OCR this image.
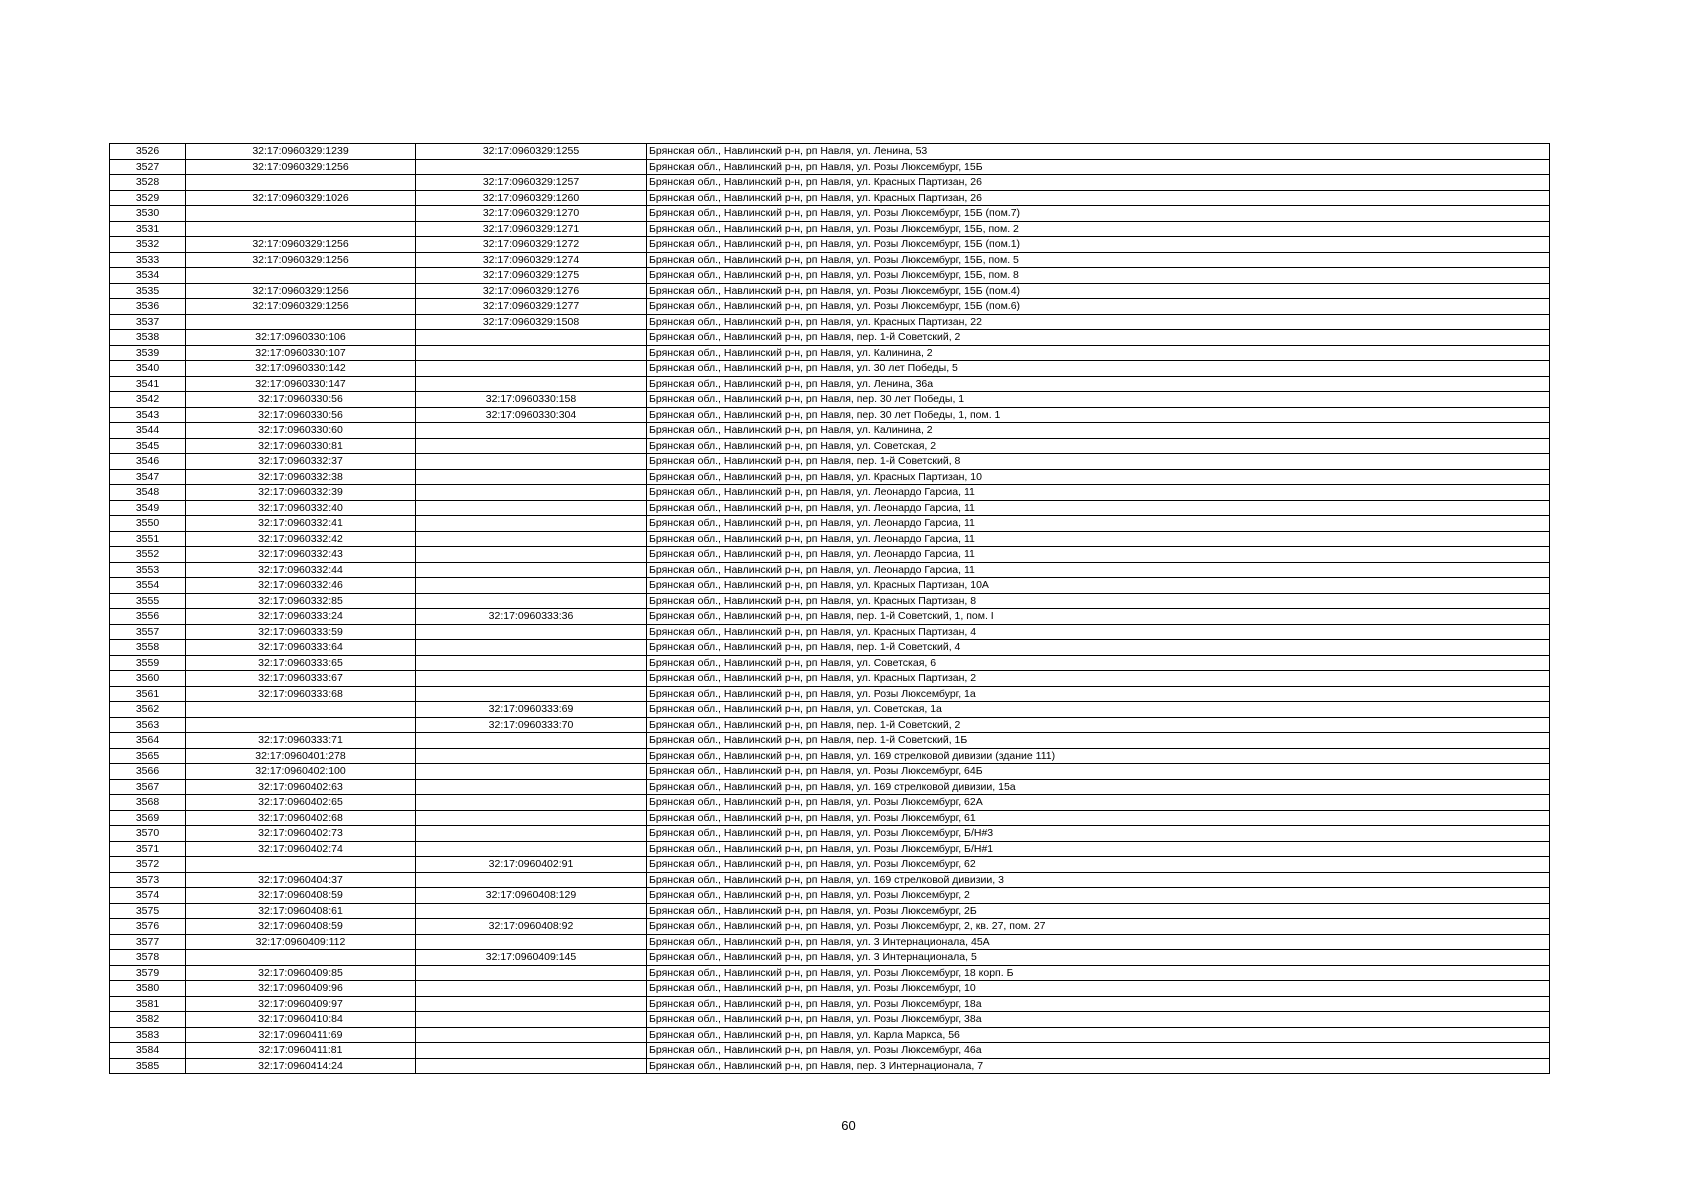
3526	32:17:0960329:1239	32:17:0960329:1255	Брянская обл., Навлинский р-н, рп Навля, ул. Ленина, 53
3527	32:17:0960329:1256		Брянская обл., Навлинский р-н, рп Навля, ул. Розы Люксембург, 15Б
3528		32:17:0960329:1257	Брянская обл., Навлинский р-н, рп Навля, ул. Красных Партизан, 26
3529	32:17:0960329:1026	32:17:0960329:1260	Брянская обл., Навлинский р-н, рп Навля, ул. Красных Партизан, 26
3530		32:17:0960329:1270	Брянская обл., Навлинский р-н, рп Навля, ул. Розы Люксембург, 15Б (пом.7)
3531		32:17:0960329:1271	Брянская обл., Навлинский р-н, рп Навля, ул. Розы Люксембург, 15Б, пом. 2
3532	32:17:0960329:1256	32:17:0960329:1272	Брянская обл., Навлинский р-н, рп Навля, ул. Розы Люксембург, 15Б (пом.1)
3533	32:17:0960329:1256	32:17:0960329:1274	Брянская обл., Навлинский р-н, рп Навля, ул. Розы Люксембург, 15Б, пом. 5
3534		32:17:0960329:1275	Брянская обл., Навлинский р-н, рп Навля, ул. Розы Люксембург, 15Б, пом. 8
3535	32:17:0960329:1256	32:17:0960329:1276	Брянская обл., Навлинский р-н, рп Навля, ул. Розы Люксембург, 15Б (пом.4)
3536	32:17:0960329:1256	32:17:0960329:1277	Брянская обл., Навлинский р-н, рп Навля, ул. Розы Люксембург, 15Б (пом.6)
3537		32:17:0960329:1508	Брянская обл., Навлинский р-н, рп Навля, ул. Красных Партизан, 22
3538	32:17:0960330:106		Брянская обл., Навлинский р-н, рп Навля, пер. 1-й Советский, 2
3539	32:17:0960330:107		Брянская обл., Навлинский р-н, рп Навля, ул. Калинина, 2
3540	32:17:0960330:142		Брянская обл., Навлинский р-н, рп Навля, ул. 30 лет Победы, 5
3541	32:17:0960330:147		Брянская обл., Навлинский р-н, рп Навля, ул. Ленина, 36а
3542	32:17:0960330:56	32:17:0960330:158	Брянская обл., Навлинский р-н, рп Навля, пер. 30 лет Победы, 1
3543	32:17:0960330:56	32:17:0960330:304	Брянская обл., Навлинский р-н, рп Навля, пер. 30 лет Победы, 1, пом. 1
3544	32:17:0960330:60		Брянская обл., Навлинский р-н, рп Навля, ул. Калинина, 2
3545	32:17:0960330:81		Брянская обл., Навлинский р-н, рп Навля, ул. Советская, 2
3546	32:17:0960332:37		Брянская обл., Навлинский р-н, рп Навля, пер. 1-й Советский, 8
3547	32:17:0960332:38		Брянская обл., Навлинский р-н, рп Навля, ул. Красных Партизан, 10
3548	32:17:0960332:39		Брянская обл., Навлинский р-н, рп Навля, ул. Леонардо Гарсиа, 11
3549	32:17:0960332:40		Брянская обл., Навлинский р-н, рп Навля, ул. Леонардо Гарсиа, 11
3550	32:17:0960332:41		Брянская обл., Навлинский р-н, рп Навля, ул. Леонардо Гарсиа, 11
3551	32:17:0960332:42		Брянская обл., Навлинский р-н, рп Навля, ул. Леонардо Гарсиа, 11
3552	32:17:0960332:43		Брянская обл., Навлинский р-н, рп Навля, ул. Леонардо Гарсиа, 11
3553	32:17:0960332:44		Брянская обл., Навлинский р-н, рп Навля, ул. Леонардо Гарсиа, 11
3554	32:17:0960332:46		Брянская обл., Навлинский р-н, рп Навля, ул. Красных Партизан, 10А
3555	32:17:0960332:85		Брянская обл., Навлинский р-н, рп Навля, ул. Красных Партизан, 8
3556	32:17:0960333:24	32:17:0960333:36	Брянская обл., Навлинский р-н, рп Навля, пер. 1-й Советский, 1, пом. I
3557	32:17:0960333:59		Брянская обл., Навлинский р-н, рп Навля, ул. Красных Партизан, 4
3558	32:17:0960333:64		Брянская обл., Навлинский р-н, рп Навля, пер. 1-й Советский, 4
3559	32:17:0960333:65		Брянская обл., Навлинский р-н, рп Навля, ул. Советская, 6
3560	32:17:0960333:67		Брянская обл., Навлинский р-н, рп Навля, ул. Красных Партизан, 2
3561	32:17:0960333:68		Брянская обл., Навлинский р-н, рп Навля, ул. Розы Люксембург, 1а
3562		32:17:0960333:69	Брянская обл., Навлинский р-н, рп Навля, ул. Советская, 1а
3563		32:17:0960333:70	Брянская обл., Навлинский р-н, рп Навля, пер. 1-й Советский, 2
3564	32:17:0960333:71		Брянская обл., Навлинский р-н, рп Навля, пер. 1-й Советский, 1Б
3565	32:17:0960401:278		Брянская обл., Навлинский р-н, рп Навля, ул. 169 стрелковой дивизии (здание 111)
3566	32:17:0960402:100		Брянская обл., Навлинский р-н, рп Навля, ул. Розы Люксембург, 64Б
3567	32:17:0960402:63		Брянская обл., Навлинский р-н, рп Навля, ул. 169 стрелковой дивизии, 15а
3568	32:17:0960402:65		Брянская обл., Навлинский р-н, рп Навля, ул. Розы Люксембург, 62А
3569	32:17:0960402:68		Брянская обл., Навлинский р-н, рп Навля, ул. Розы Люксембург, 61
3570	32:17:0960402:73		Брянская обл., Навлинский р-н, рп Навля, ул. Розы Люксембург, Б/Н#3
3571	32:17:0960402:74		Брянская обл., Навлинский р-н, рп Навля, ул. Розы Люксембург, Б/Н#1
3572		32:17:0960402:91	Брянская обл., Навлинский р-н, рп Навля, ул. Розы Люксембург, 62
3573	32:17:0960404:37		Брянская обл., Навлинский р-н, рп Навля, ул. 169 стрелковой дивизии, 3
3574	32:17:0960408:59	32:17:0960408:129	Брянская обл., Навлинский р-н, рп Навля, ул. Розы Люксембург, 2
3575	32:17:0960408:61		Брянская обл., Навлинский р-н, рп Навля, ул. Розы Люксембург, 2Б
3576	32:17:0960408:59	32:17:0960408:92	Брянская обл., Навлинский р-н, рп Навля, ул. Розы Люксембург, 2, кв. 27, пом. 27
3577	32:17:0960409:112		Брянская обл., Навлинский р-н, рп Навля, ул. 3 Интернационала, 45А
3578		32:17:0960409:145	Брянская обл., Навлинский р-н, рп Навля, ул. 3 Интернационала, 5
3579	32:17:0960409:85		Брянская обл., Навлинский р-н, рп Навля, ул. Розы Люксембург, 18 корп. Б
3580	32:17:0960409:96		Брянская обл., Навлинский р-н, рп Навля, ул. Розы Люксембург, 10
3581	32:17:0960409:97		Брянская обл., Навлинский р-н, рп Навля, ул. Розы Люксембург, 18а
3582	32:17:0960410:84		Брянская обл., Навлинский р-н, рп Навля, ул. Розы Люксембург, 38а
3583	32:17:0960411:69		Брянская обл., Навлинский р-н, рп Навля, ул. Карла Маркса, 56
3584	32:17:0960411:81		Брянская обл., Навлинский р-н, рп Навля, ул. Розы Люксембург, 46а
3585	32:17:0960414:24		Брянская обл., Навлинский р-н, рп Навля, пер. 3 Интернационала, 7
60
